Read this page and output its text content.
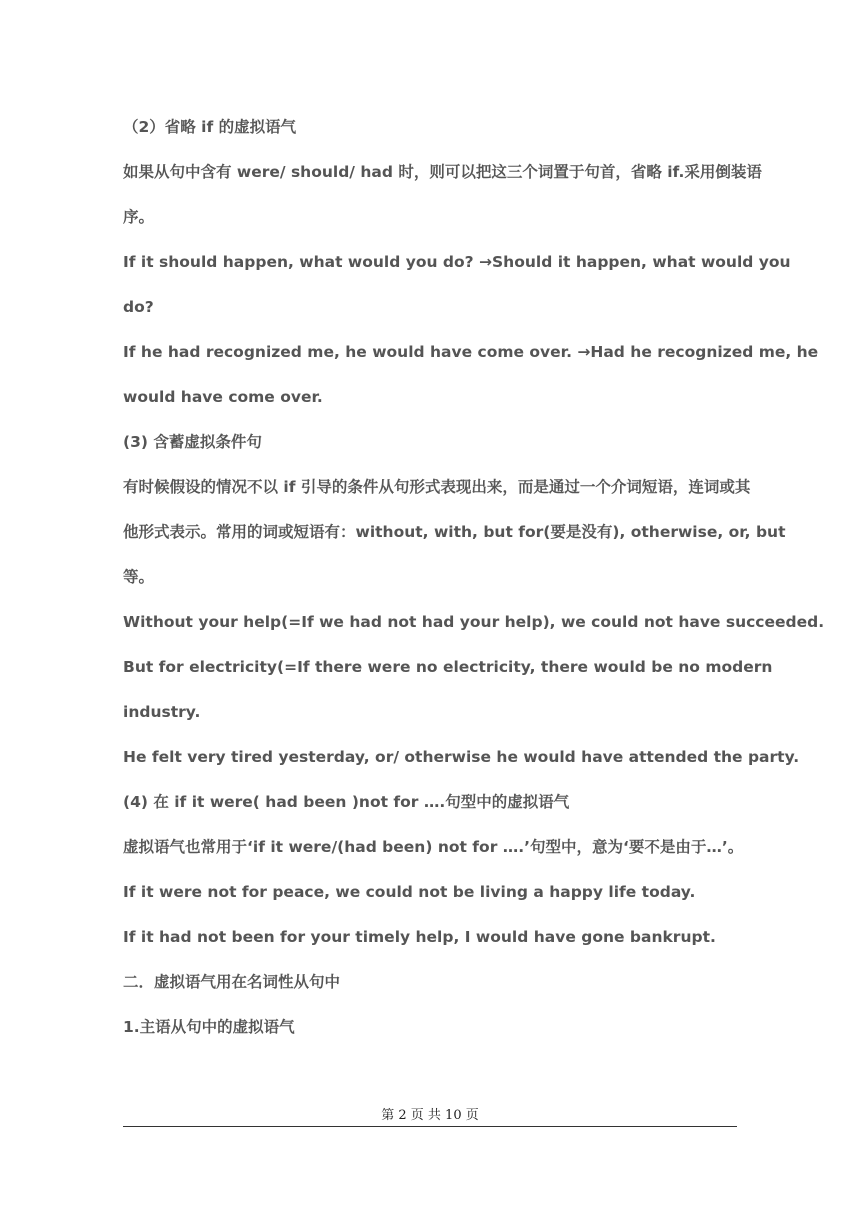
（2）省略 if 的虚拟语气
如果从句中含有 were/ should/ had 时，则可以把这三个词置于句首，省略 if.采用倒装语
序。
If it should happen, what would you do? →Should it happen, what would you
do?
If he had recognized me, he would have come over. →Had he recognized me, he
would have come over.
(3) 含蓄虚拟条件句
有时候假设的情况不以 if 引导的条件从句形式表现出来，而是通过一个介词短语，连词或其
他形式表示。常用的词或短语有：without, with, but for(要是没有), otherwise, or, but
等。
Without your help(=If we had not had your help), we could not have succeeded.
But for electricity(=If there were no electricity, there would be no modern
industry.
He felt very tired yesterday, or/ otherwise he would have attended the party.
(4) 在 if it were( had been )not for ….句型中的虚拟语气
虚拟语气也常用于‘if it were/(had been) not for ….’句型中，意为‘要不是由于…’。
If it were not for peace, we could not be living a happy life today.
If it had not been for your timely help, I would have gone bankrupt.
二．虚拟语气用在名词性从句中
1.主语从句中的虚拟语气
第 2 页 共 10 页
